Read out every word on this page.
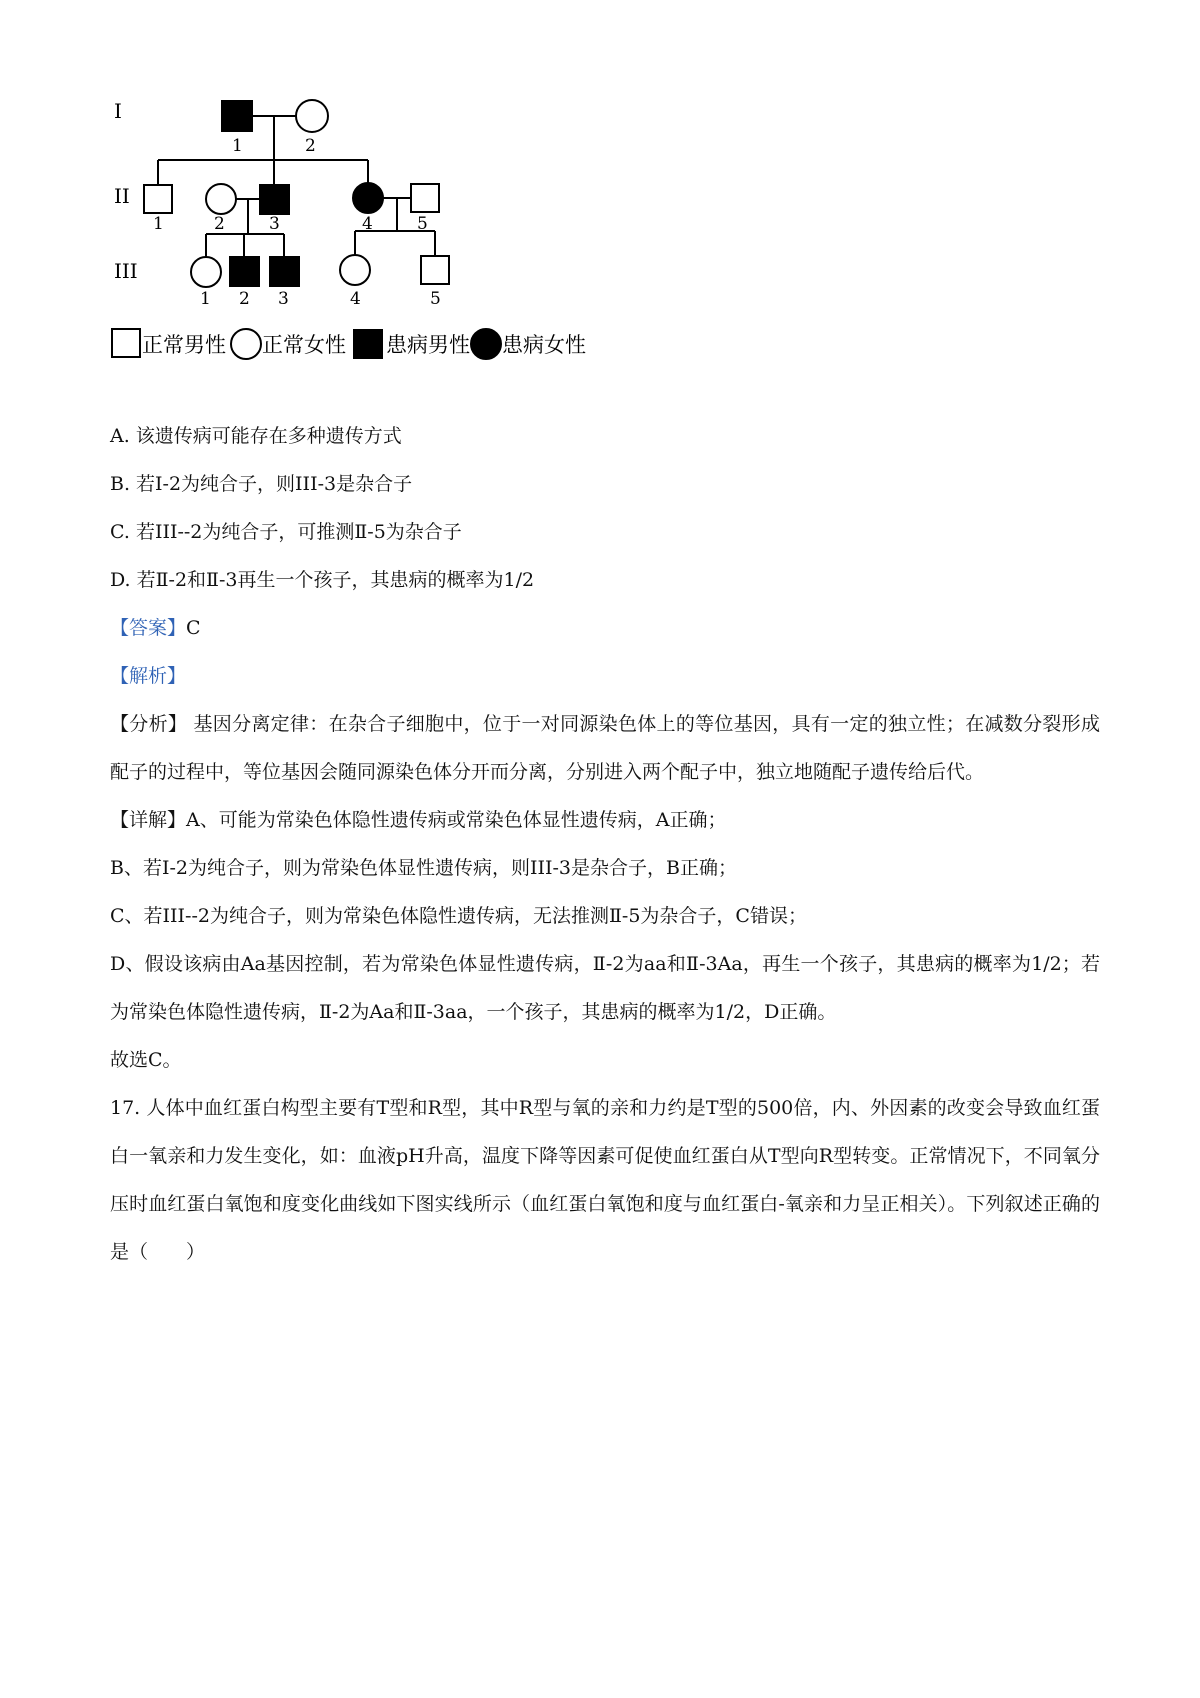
I
II
III
1	2
1	2	3	4	5
1 2 3	4	5
正常男性 正常女性 患病男性 患病女性

A. 该遗传病可能存在多种遗传方式

B. 若Ⅰ-2为纯合子，则III-3是杂合子

C. 若III--2为纯合子，可推测Ⅱ-5为杂合子

D. 若Ⅱ-2和Ⅱ-3再生一个孩子，其患病的概率为1/2

【答案】C

【解析】

【分析】 基因分离定律：在杂合子细胞中，位于一对同源染色体上的等位基因，具有一定的独立性；在减数分裂形成配子的过程中，等位基因会随同源染色体分开而分离，分别进入两个配子中，独立地随配子遗传给后代。

【详解】A、可能为常染色体隐性遗传病或常染色体显性遗传病，A正确；

B、若Ⅰ-2为纯合子，则为常染色体显性遗传病，则III-3是杂合子，B正确；

C、若III--2为纯合子，则为常染色体隐性遗传病，无法推测Ⅱ-5为杂合子，C错误；

D、假设该病由Aa基因控制，若为常染色体显性遗传病，Ⅱ-2为aa和Ⅱ-3Aa，再生一个孩子，其患病的概率为1/2；若为常染色体隐性遗传病，Ⅱ-2为Aa和Ⅱ-3aa，一个孩子，其患病的概率为1/2，D正确。

故选C。

17. 人体中血红蛋白构型主要有T型和R型，其中R型与氧的亲和力约是T型的500倍，内、外因素的改变会导致血红蛋白一氧亲和力发生变化，如：血液pH升高，温度下降等因素可促使血红蛋白从T型向R型转变。正常情况下，不同氧分压时血红蛋白氧饱和度变化曲线如下图实线所示（血红蛋白氧饱和度与血红蛋白-氧亲和力呈正相关）。下列叙述正确的是（　　）
